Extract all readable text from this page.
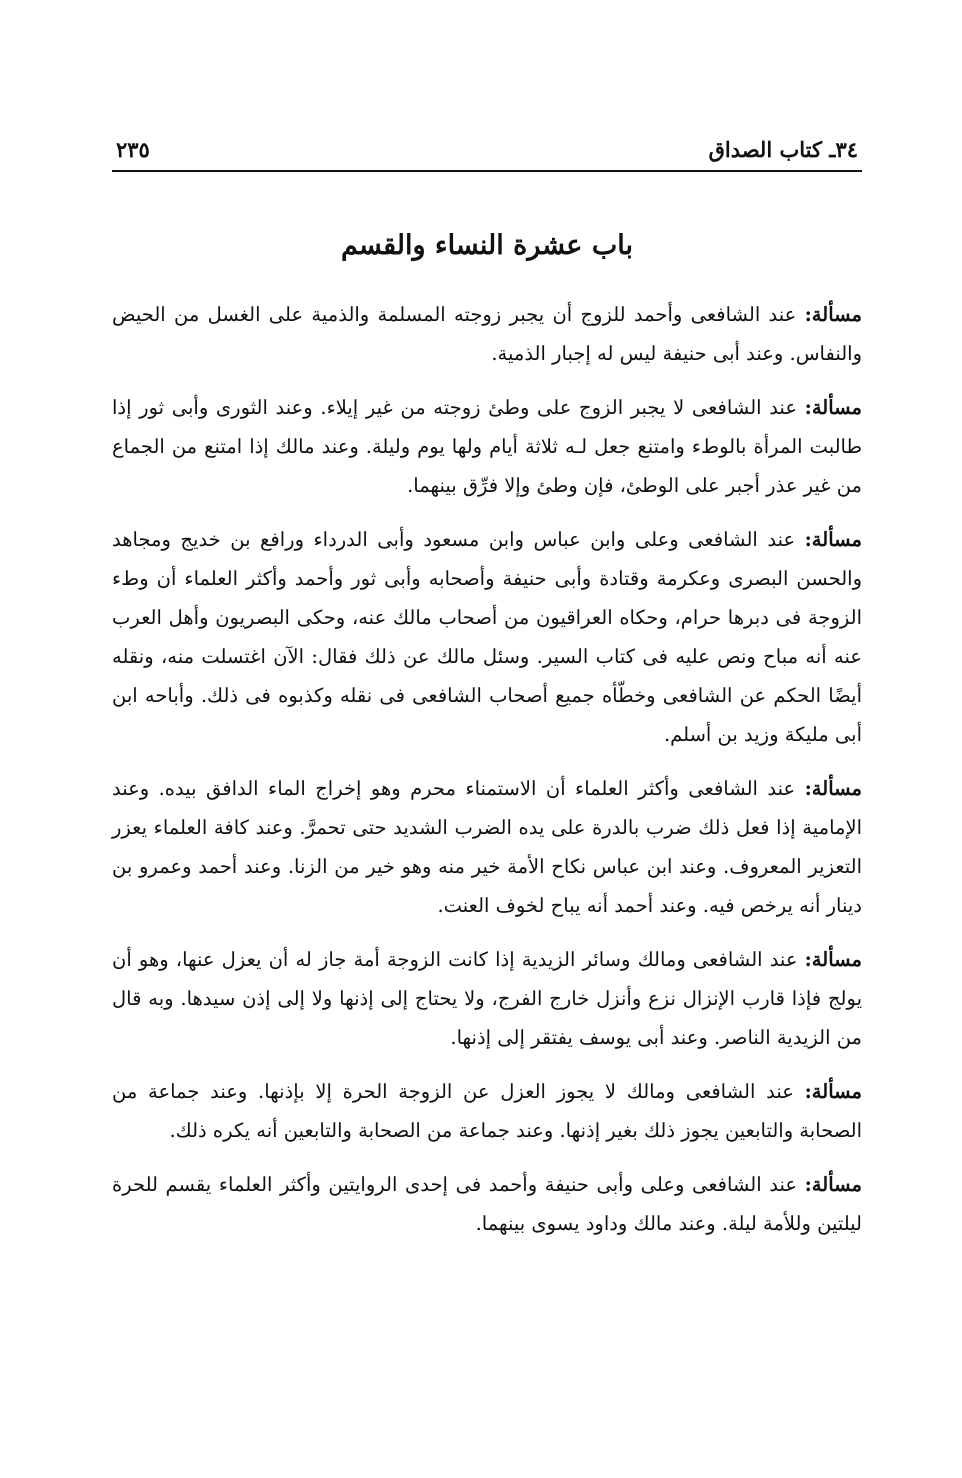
٣٤ـ كتاب الصداق
٢٣٥
باب عشرة النساء والقسم

مسألة: عند الشافعى وأحمد للزوج أن يجبر زوجته المسلمة والذمية على الغسل من الحيض والنفاس. وعند أبى حنيفة ليس له إجبار الذمية.

مسألة: عند الشافعى لا يجبر الزوج على وطئ زوجته من غير إيلاء. وعند الثورى وأبى ثور إذا طالبت المرأة بالوطء وامتنع جعل لـه ثلاثة أيام ولها يوم وليلة. وعند مالك إذا امتنع من الجماع من غير عذر أجبر على الوطئ، فإن وطئ وإلا فرِّق بينهما.

مسألة: عند الشافعى وعلى وابن عباس وابن مسعود وأبى الدرداء ورافع بن خديج ومجاهد والحسن البصرى وعكرمة وقتادة وأبى حنيفة وأصحابه وأبى ثور وأحمد وأكثر العلماء أن وطء الزوجة فى دبرها حرام، وحكاه العراقيون من أصحاب مالك عنه، وحكى البصريون وأهل العرب عنه أنه مباح ونص عليه فى كتاب السير. وسئل مالك عن ذلك فقال: الآن اغتسلت منه، ونقله أيضًا الحكم عن الشافعى وخطّأه جميع أصحاب الشافعى فى نقله وكذبوه فى ذلك. وأباحه ابن أبى مليكة وزيد بن أسلم.

مسألة: عند الشافعى وأكثر العلماء أن الاستمناء محرم وهو إخراج الماء الدافق بيده. وعند الإمامية إذا فعل ذلك ضرب بالدرة على يده الضرب الشديد حتى تحمرَّ. وعند كافة العلماء يعزر التعزير المعروف. وعند ابن عباس نكاح الأمة خير منه وهو خير من الزنا. وعند أحمد وعمرو بن دينار أنه يرخص فيه. وعند أحمد أنه يباح لخوف العنت.

مسألة: عند الشافعى ومالك وسائر الزيدية إذا كانت الزوجة أمة جاز له أن يعزل عنها، وهو أن يولج فإذا قارب الإنزال نزع وأنزل خارج الفرج، ولا يحتاج إلى إذنها ولا إلى إذن سيدها. وبه قال من الزيدية الناصر. وعند أبى يوسف يفتقر إلى إذنها.

مسألة: عند الشافعى ومالك لا يجوز العزل عن الزوجة الحرة إلا بإذنها. وعند جماعة من الصحابة والتابعين يجوز ذلك بغير إذنها. وعند جماعة من الصحابة والتابعين أنه يكره ذلك.

مسألة: عند الشافعى وعلى وأبى حنيفة وأحمد فى إحدى الروايتين وأكثر العلماء يقسم للحرة ليلتين وللأمة ليلة. وعند مالك وداود يسوى بينهما.
